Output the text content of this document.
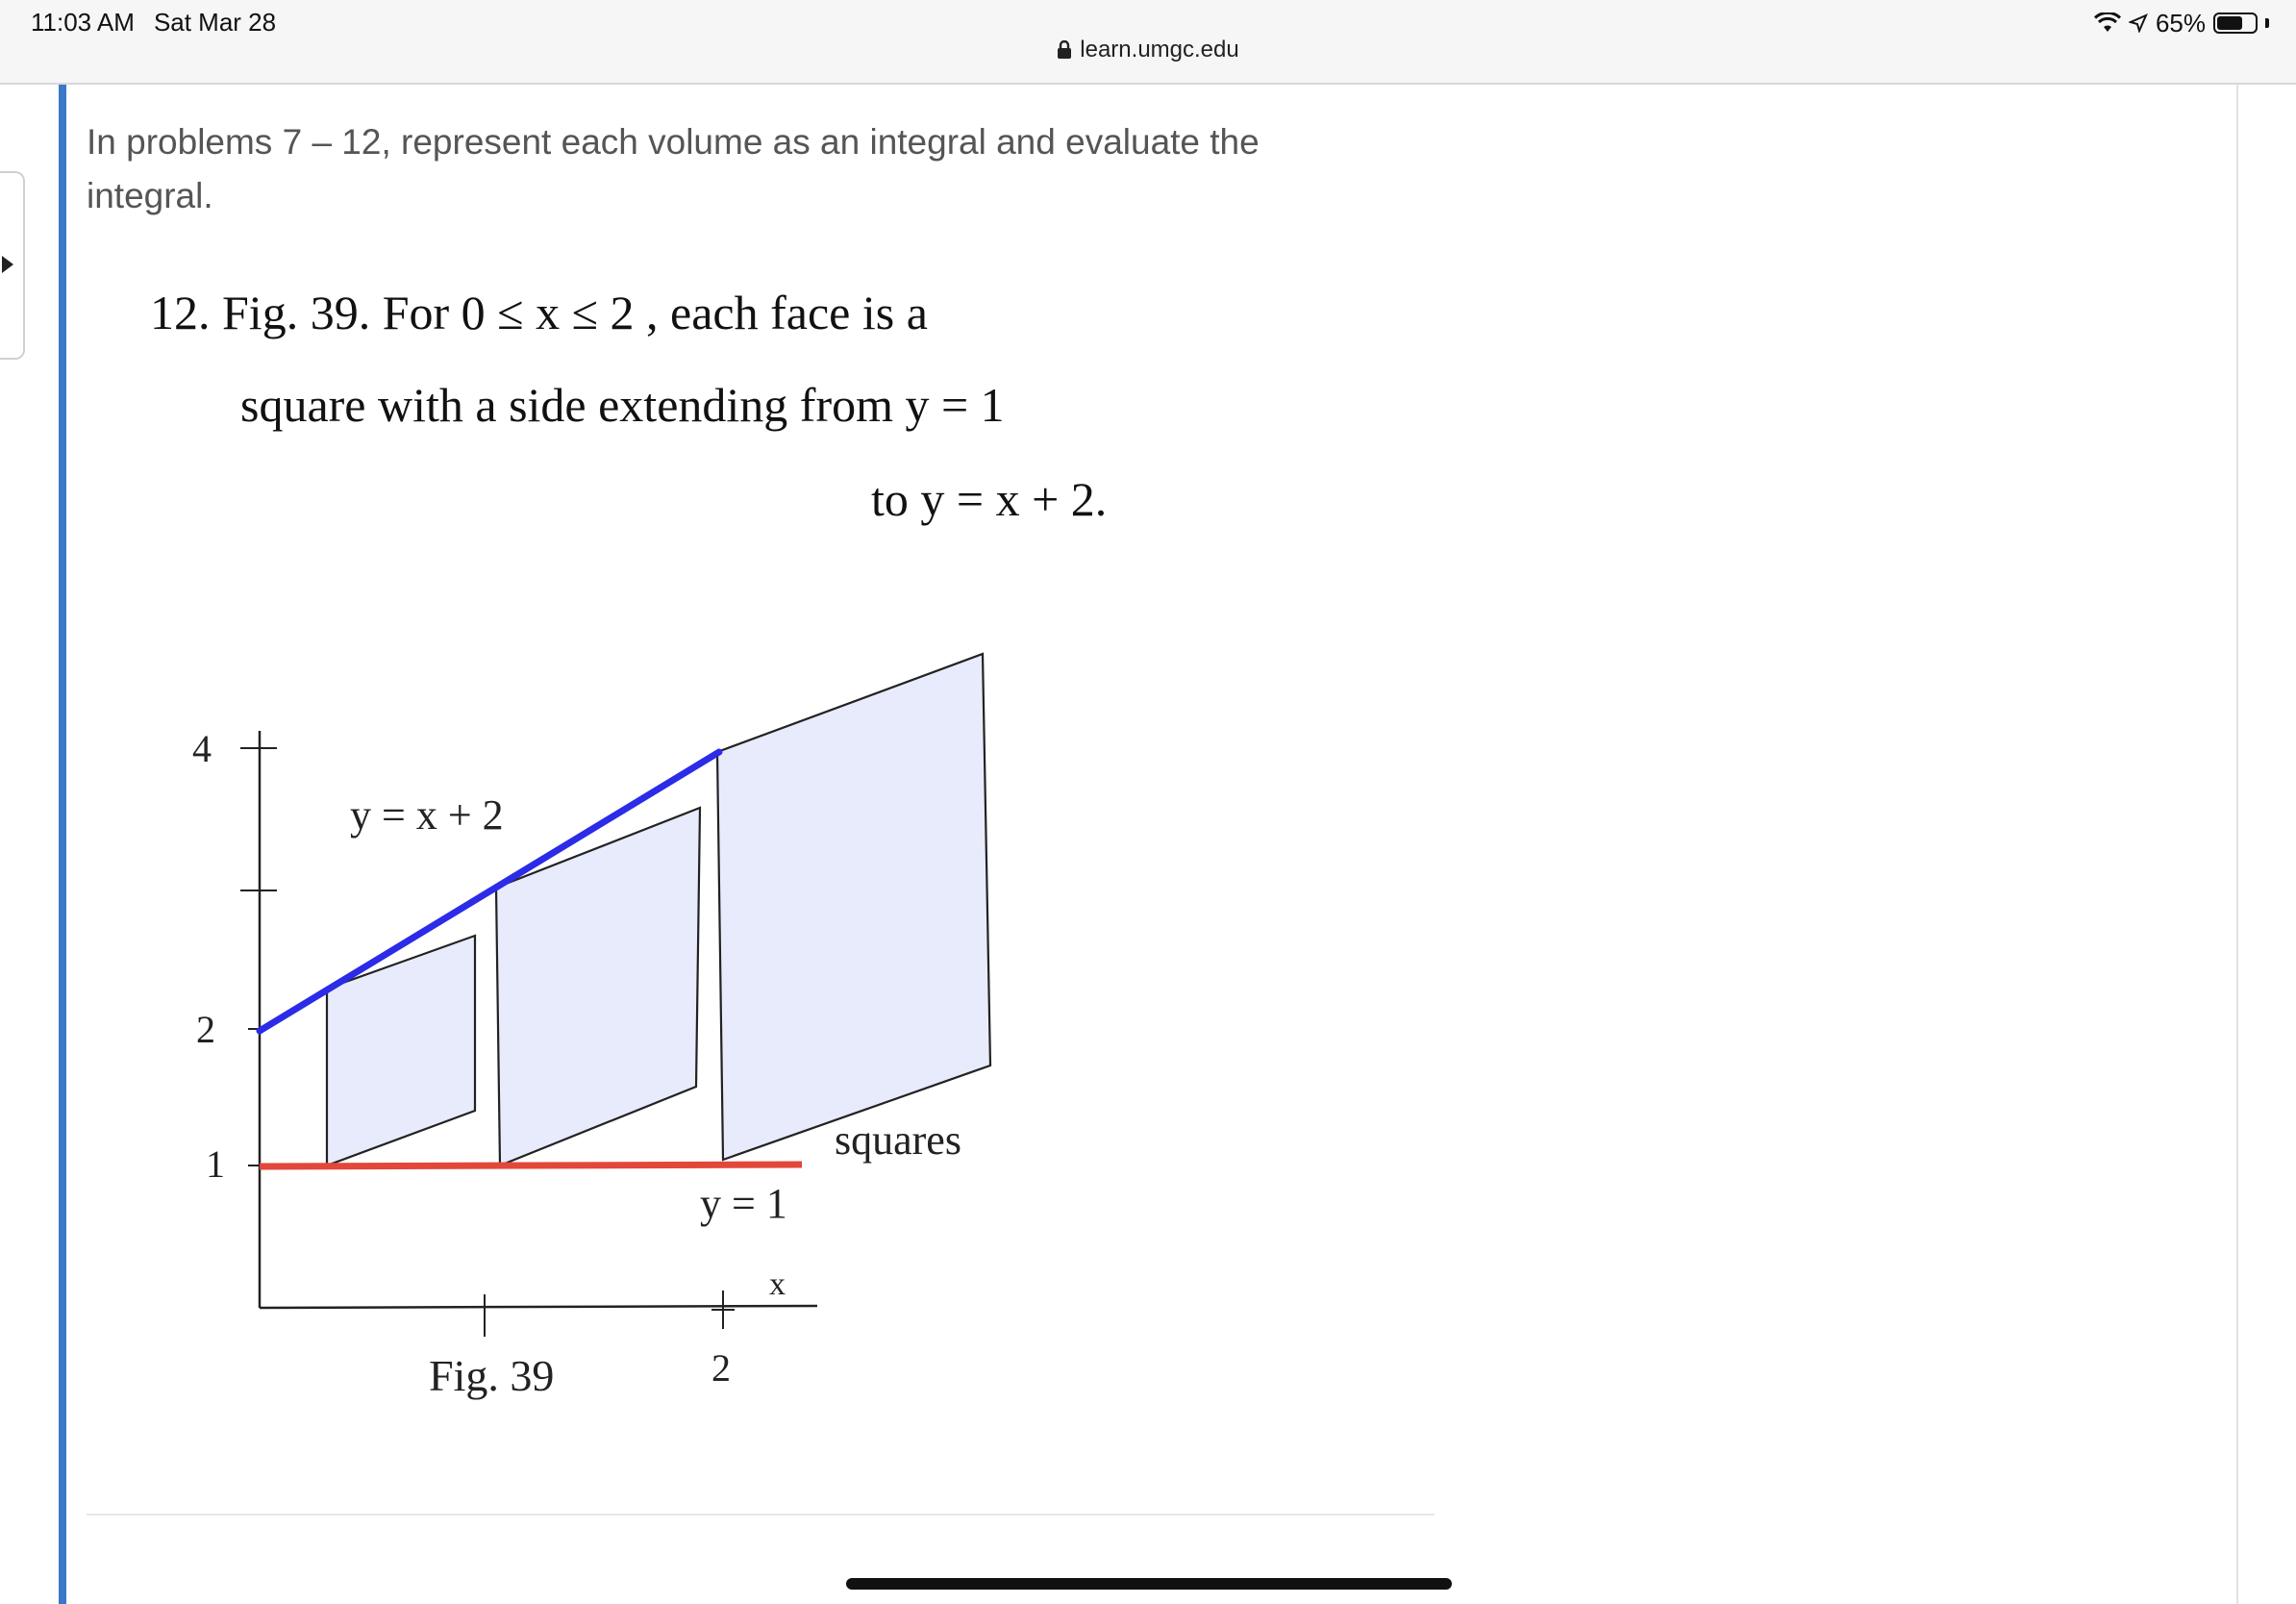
11:03 AM Sat Mar 28	65%
learn.umgc.edu
In problems 7 – 12, represent each volume as an integral and evaluate the integral.
12. Fig. 39. For 0 ≤ x ≤ 2 , each face is a
square with a side extending from y = 1
to y = x + 2.
4
2
1
2
y = x + 2
y = 1
squares
x
Fig. 39
